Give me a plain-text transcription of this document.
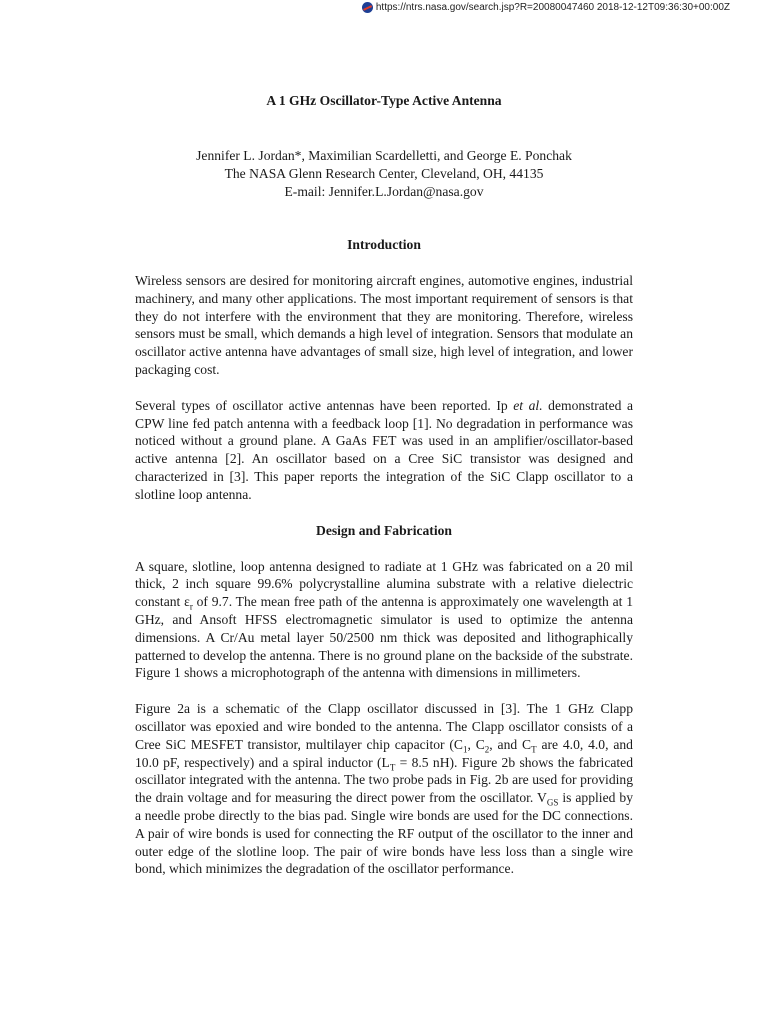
https://ntrs.nasa.gov/search.jsp?R=20080047460 2018-12-12T09:36:30+00:00Z
A 1 GHz Oscillator-Type Active Antenna
Jennifer L. Jordan*, Maximilian Scardelletti, and George E. Ponchak
The NASA Glenn Research Center, Cleveland, OH, 44135
E-mail: Jennifer.L.Jordan@nasa.gov
Introduction

Wireless sensors are desired for monitoring aircraft engines, automotive engines, industrial machinery, and many other applications. The most important requirement of sensors is that they do not interfere with the environment that they are monitoring. Therefore, wireless sensors must be small, which demands a high level of integration. Sensors that modulate an oscillator active antenna have advantages of small size, high level of integration, and lower packaging cost.

Several types of oscillator active antennas have been reported. Ip et al. demonstrated a CPW line fed patch antenna with a feedback loop [1]. No degradation in performance was noticed without a ground plane. A GaAs FET was used in an amplifier/oscillator-based active antenna [2]. An oscillator based on a Cree SiC transistor was designed and characterized in [3]. This paper reports the integration of the SiC Clapp oscillator to a slotline loop antenna.

Design and Fabrication

A square, slotline, loop antenna designed to radiate at 1 GHz was fabricated on a 20 mil thick, 2 inch square 99.6% polycrystalline alumina substrate with a relative dielectric constant $\varepsilon_r$ of 9.7. The mean free path of the antenna is approximately one wavelength at 1 GHz, and Ansoft HFSS electromagnetic simulator is used to optimize the antenna dimensions. A Cr/Au metal layer 50/2500 nm thick was deposited and lithographically patterned to develop the antenna. There is no ground plane on the backside of the substrate. Figure 1 shows a microphotograph of the antenna with dimensions in millimeters.

Figure 2a is a schematic of the Clapp oscillator discussed in [3]. The 1 GHz Clapp oscillator was epoxied and wire bonded to the antenna. The Clapp oscillator consists of a Cree SiC MESFET transistor, multilayer chip capacitor ($C_1$, $C_2$, and $C_T$ are 4.0, 4.0, and 10.0 pF, respectively) and a spiral inductor ($L_T = 8.5$ nH). Figure 2b shows the fabricated oscillator integrated with the antenna. The two probe pads in Fig. 2b are used for providing the drain voltage and for measuring the direct power from the oscillator. $V_{GS}$ is applied by a needle probe directly to the bias pad. Single wire bonds are used for the DC connections. A pair of wire bonds is used for connecting the RF output of the oscillator to the inner and outer edge of the slotline loop. The pair of wire bonds have less loss than a single wire bond, which minimizes the degradation of the oscillator performance.
